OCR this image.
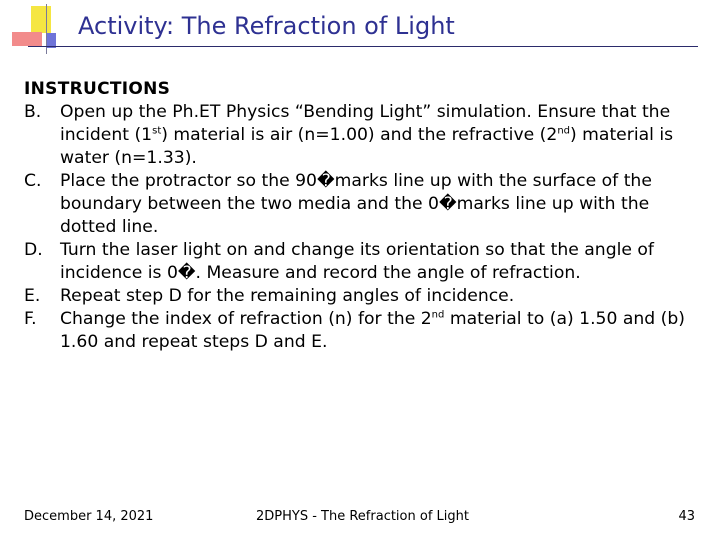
Activity: The Refraction of Light
INSTRUCTIONS
B.	Open up the Ph.ET Physics “Bending Light” simulation. Ensure that the incident (1st) material is air (n=1.00) and the refractive (2nd) material is water (n=1.33).
C.	Place the protractor so the 90�marks line up with the surface of the boundary between the two media and the 0�marks line up with the dotted line.
D.	Turn the laser light on and change its orientation so that the angle of incidence is 0�. Measure and record the angle of refraction.
E.	Repeat step D for the remaining angles of incidence.
F.	Change the index of refraction (n) for the 2nd material to (a) 1.50 and (b) 1.60 and repeat steps D and E.
December 14, 2021	2DPHYS - The Refraction of Light	43
